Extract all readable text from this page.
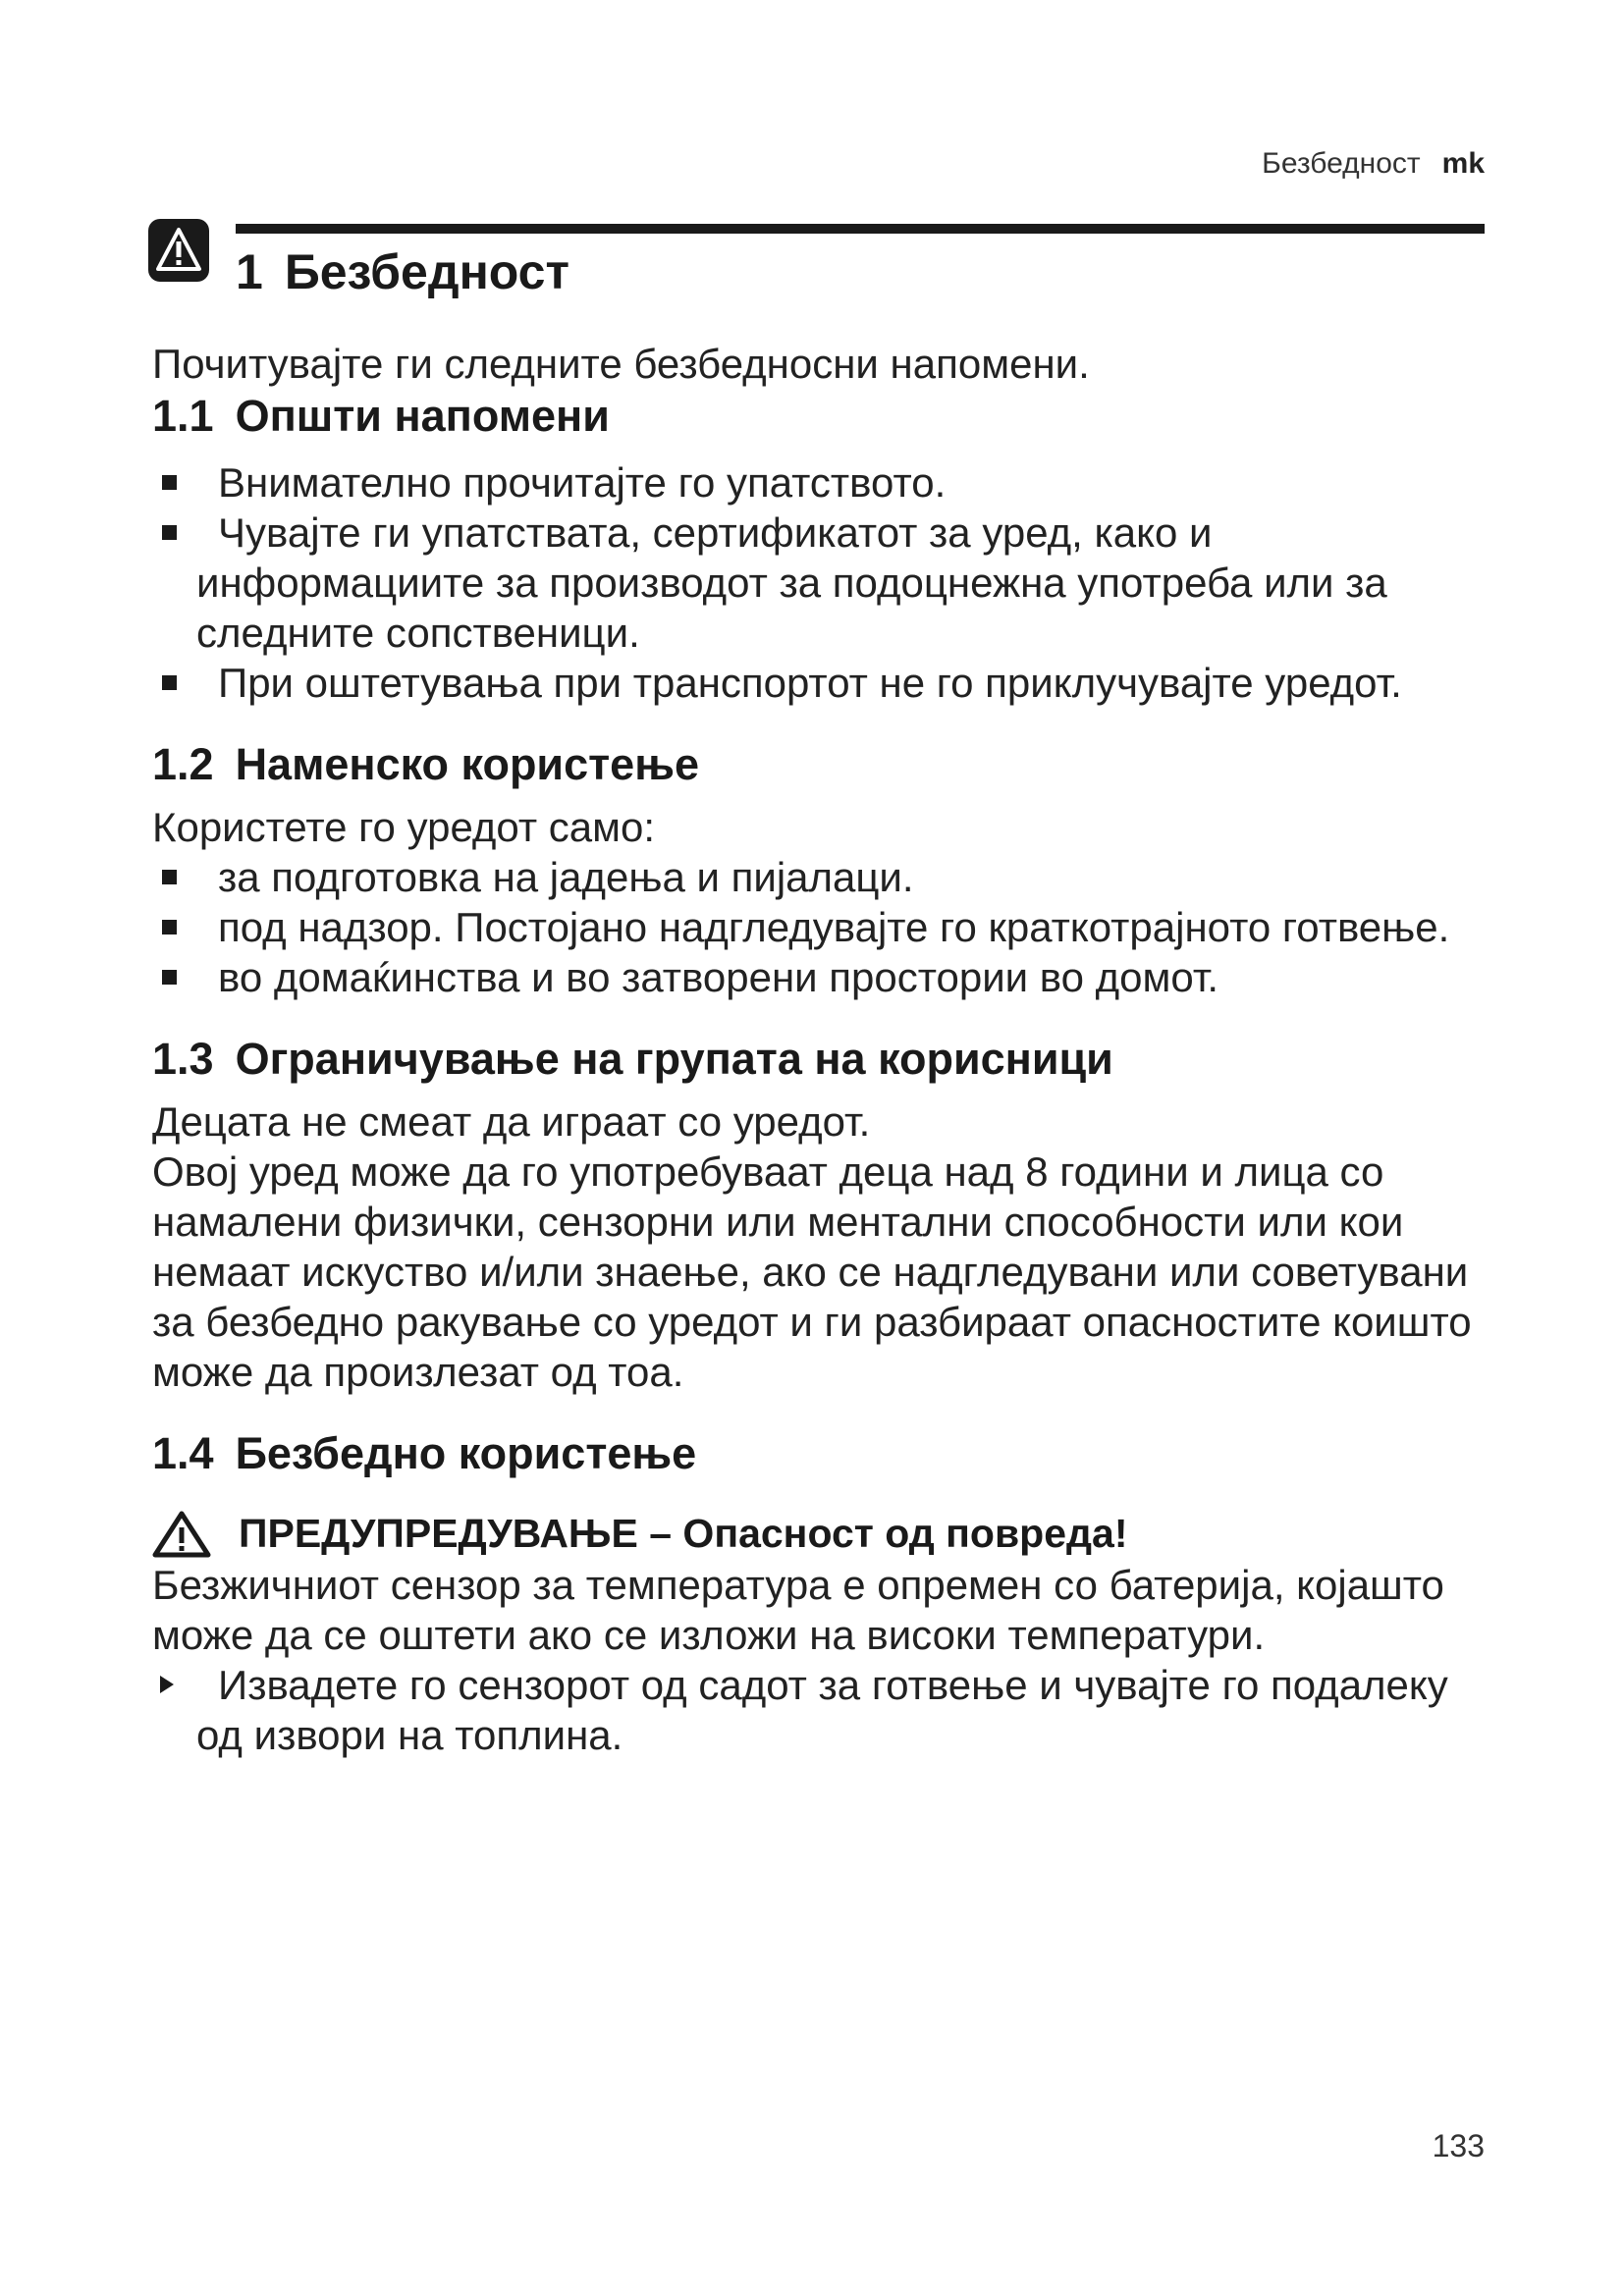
Безбедност mk
1 Безбедност

Почитувајте ги следните безбедносни напомени.

1.1 Општи напомени
Внимателно прочитајте го упатството.
Чувајте ги упатствата, сертификатот за уред, како и информациите за производот за подоцнежна употреба или за следните сопственици.
При оштетувања при транспортот не го приклучувајте уредот.
1.2 Наменско користење

Користете го уредот само:

за подготовка на јадења и пијалаци.
под надзор. Постојано надгледувајте го краткотрајното готвење.
во домаќинства и во затворени простории во домот.
1.3 Ограничување на групата на корисници

Децата не смеат да играат со уредот.

Овој уред може да го употребуваат деца над 8 години и лица со намалени физички, сензорни или ментални способности или кои немаат искуство и/или знаење, ако се надгледувани или советувани за безбедно ракување со уредот и ги разбираат опасностите коишто може да произлезат од тоа.

1.4 Безбедно користење
ПРЕДУПРЕДУВАЊЕ – Опасност од повреда!

Безжичниот сензор за температура е опремен со батерија, којашто може да се оштети ако се изложи на високи температури.

Извадете го сензорот од садот за готвење и чувајте го подалеку од извори на топлина.
133
